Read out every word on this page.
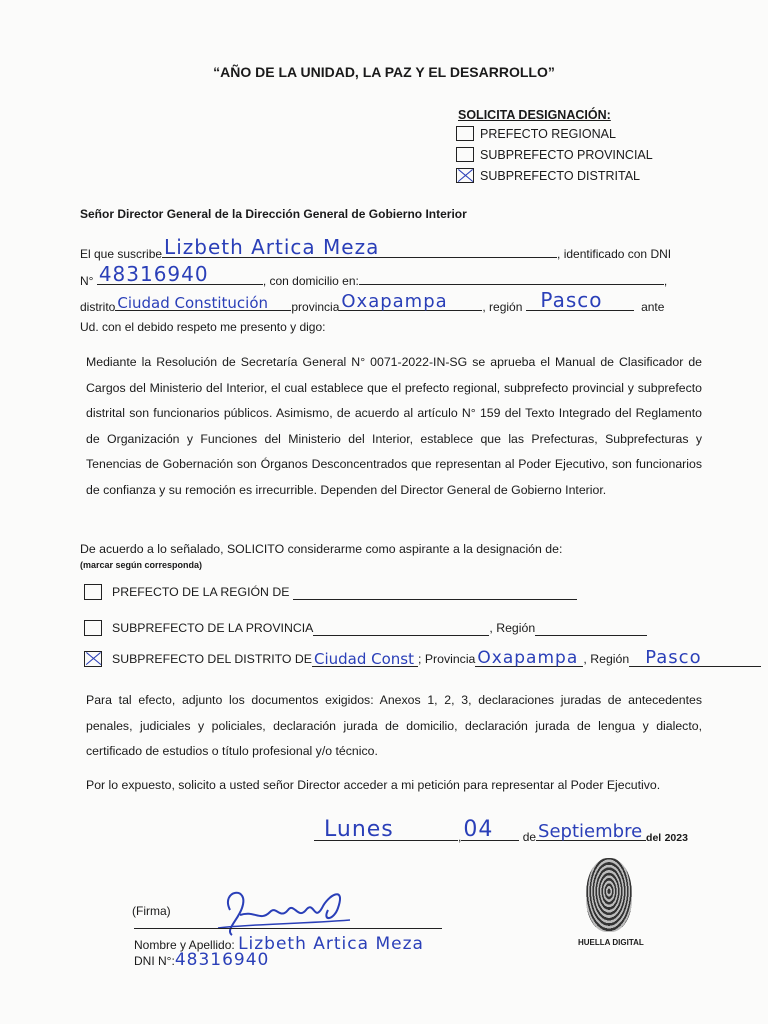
“AÑO DE LA UNIDAD, LA PAZ Y EL DESARROLLO”
SOLICITA DESIGNACIÓN:
PREFECTO REGIONAL
SUBPREFECTO PROVINCIAL
SUBPREFECTO DISTRITAL
Señor Director General de la Dirección General de Gobierno Interior
El que suscribe Lizbeth Artica Meza	, identificado con DNI
N° 48316940	, con domicilio en:	,
distrito Ciudad Constitución provincia Oxapampa	, región Pasco	ante
Ud. con el debido respeto me presento y digo:
Mediante la Resolución de Secretaría General N° 0071-2022-IN-SG se aprueba el Manual de Clasificador de Cargos del Ministerio del Interior, el cual establece que el prefecto regional, subprefecto provincial y subprefecto distrital son funcionarios públicos. Asimismo, de acuerdo al artículo N° 159 del Texto Integrado del Reglamento de Organización y Funciones del Ministerio del Interior, establece que las Prefecturas, Subprefecturas y Tenencias de Gobernación son Órganos Desconcentrados que representan al Poder Ejecutivo, son funcionarios de confianza y su remoción es irrecurrible. Dependen del Director General de Gobierno Interior.
De acuerdo a lo señalado, SOLICITO considerarme como aspirante a la designación de:
(marcar según corresponda)
PREFECTO DE LA REGIÓN DE

SUBPREFECTO DE LA PROVINCIA	, Región
SUBPREFECTO DEL DISTRITO DE Ciudad Const ; Provincia Oxapampa , Región Pasco
Para tal efecto, adjunto los documentos exigidos: Anexos 1, 2, 3, declaraciones juradas de antecedentes penales, judiciales y policiales, declaración jurada de domicilio, declaración jurada de lengua y dialecto, certificado de estudios o título profesional y/o técnico.
Por lo expuesto, solicito a usted señor Director acceder a mi petición para representar al Poder Ejecutivo.
Lunes	, 04 de Septiembre del 2023
(Firma)
Nombre y Apellido: Lizbeth Artica Meza
DNI N°:48316940
HUELLA DIGITAL
